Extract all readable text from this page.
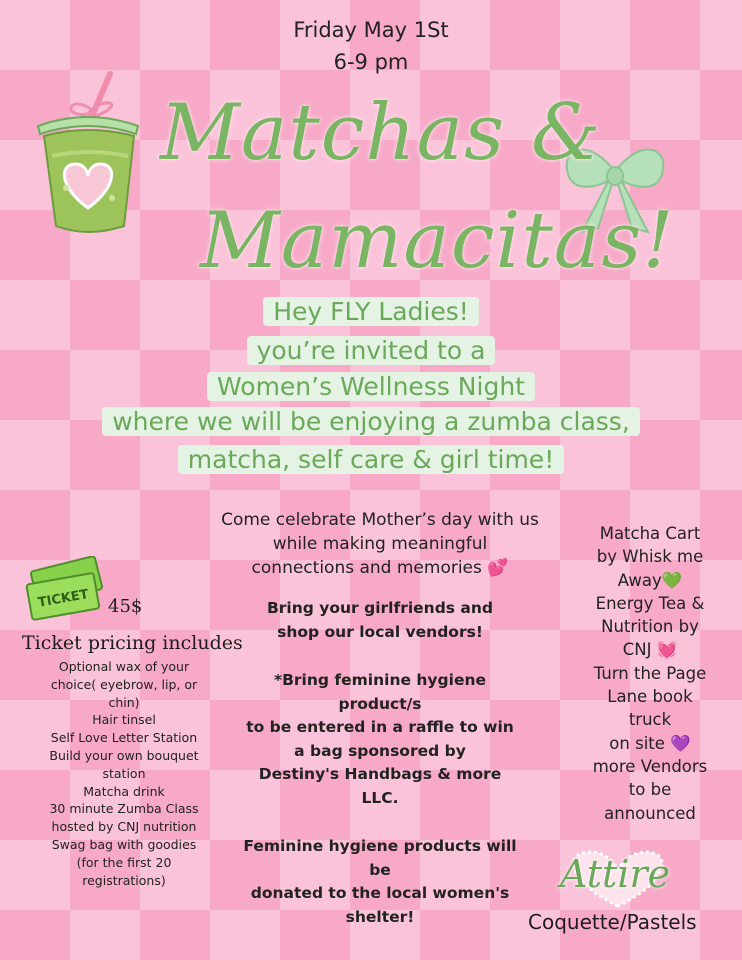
Friday May 1St
6-9 pm
Matchas &
Mamacitas!
Hey FLY Ladies!
you’re invited to a
Women’s Wellness Night
where we will be enjoying a zumba class,
matcha, self care & girl time!
Come celebrate Mother’s day with us
while making meaningful
connections and memories 💕
Bring your girlfriends and
shop our local vendors!
*Bring feminine hygiene
product/s
to be entered in a raffle to win
a bag sponsored by
Destiny's Handbags & more
LLC.
Feminine hygiene products will
be
donated to the local women's
shelter!
TICKET 45$
Ticket pricing includes
Optional wax of your
choice( eyebrow, lip, or
chin)
Hair tinsel
Self Love Letter Station
Build your own bouquet
station
Matcha drink
30 minute Zumba Class
hosted by CNJ nutrition
Swag bag with goodies
(for the first 20
registrations)
Matcha Cart
by Whisk me
Away💚
Energy Tea &
Nutrition by
CNJ 💓
Turn the Page
Lane book
truck
on site 💜
more Vendors
to be
announced
Attire
Coquette/Pastels
